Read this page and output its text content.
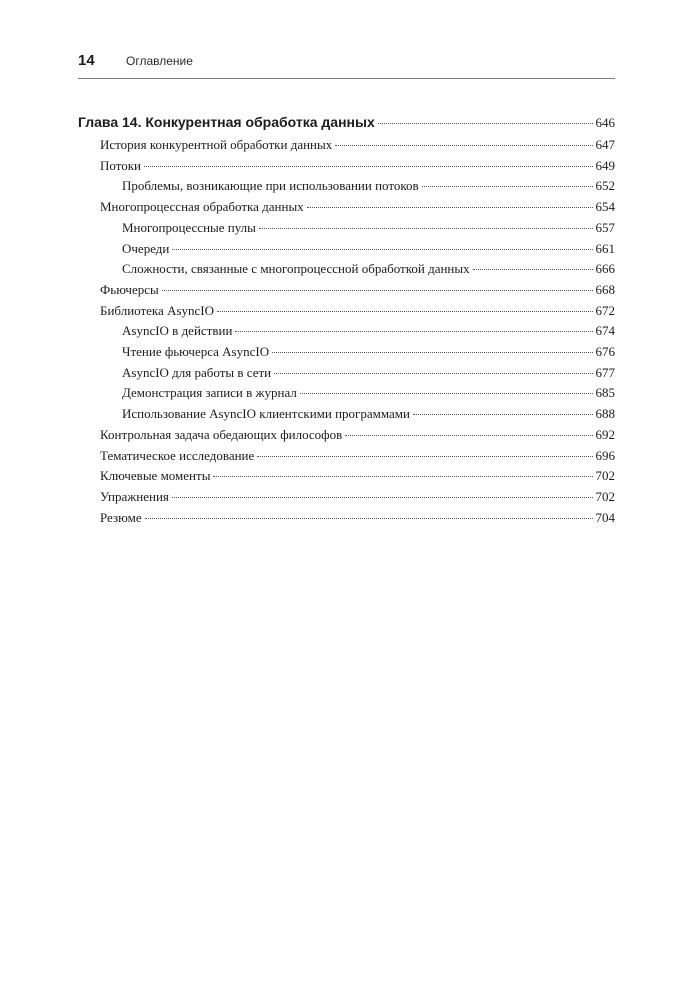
14	Оглавление
Глава 14. Конкурентная обработка данных	646
История конкурентной обработки данных	647
Потоки	649
Проблемы, возникающие при использовании потоков	652
Многопроцессная обработка данных	654
Многопроцессные пулы	657
Очереди	661
Сложности, связанные с многопроцессной обработкой данных	666
Фьючерсы	668
Библиотека AsyncIO	672
AsyncIO в действии	674
Чтение фьючерса AsyncIO	676
AsyncIO для работы в сети	677
Демонстрация записи в журнал	685
Использование AsyncIO клиентскими программами	688
Контрольная задача обедающих философов	692
Тематическое исследование	696
Ключевые моменты	702
Упражнения	702
Резюме	704
